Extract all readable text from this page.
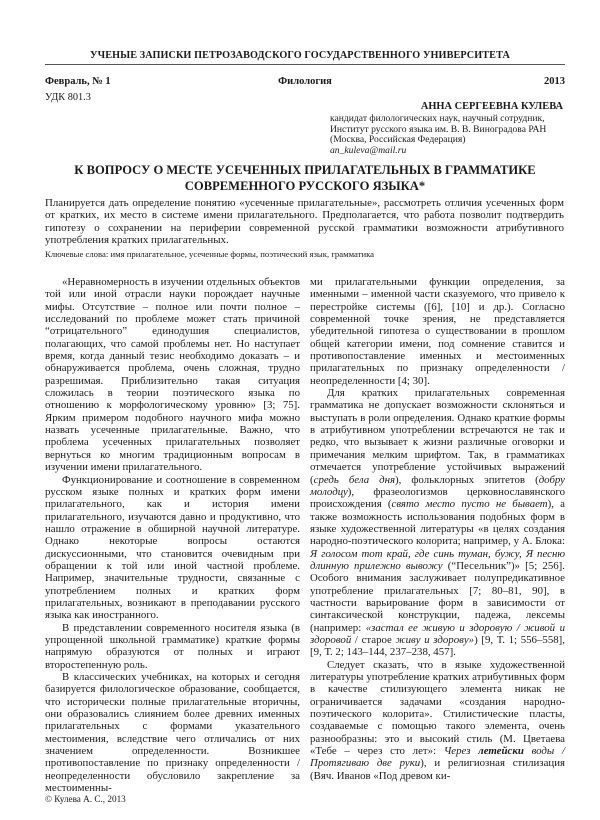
УЧЕНЫЕ ЗАПИСКИ ПЕТРОЗАВОДСКОГО ГОСУДАРСТВЕННОГО УНИВЕРСИТЕТА
Февраль, № 1	Филология	2013
УДК 801.3
АННА СЕРГЕЕВНА КУЛЕВА
кандидат филологических наук, научный сотрудник, Институт русского языка им. В. В. Виноградова РАН (Москва, Российская Федерация)
an_kuleva@mail.ru
К ВОПРОСУ О МЕСТЕ УСЕЧЕННЫХ ПРИЛАГАТЕЛЬНЫХ В ГРАММАТИКЕ СОВРЕМЕННОГО РУССКОГО ЯЗЫКА*
Планируется дать определение понятию «усеченные прилагательные», рассмотреть отличия усеченных форм от кратких, их место в системе имени прилагательного. Предполагается, что работа позволит подтвердить гипотезу о сохранении на периферии современной русской грамматики возможности атрибутивного употребления кратких прилагательных.
Ключевые слова: имя прилагательное, усеченные формы, поэтический язык, грамматика

«Неравномерность в изучении отдельных объектов той или иной отрасли науки порождает научные мифы. Отсутствие – полное или почти полное – исследований по проблеме может стать причиной “отрицательного” единодушия специалистов, полагающих, что самой проблемы нет. Но наступает время, когда данный тезис необходимо доказать – и обнаруживается проблема, очень сложная, трудно разрешимая. Приблизительно такая ситуация сложилась в теории поэтического языка по отношению к морфологическому уровню» [3; 75]. Ярким примером подобного научного мифа можно назвать усеченные прилагательные. Важно, что проблема усеченных прилагательных позволяет вернуться ко многим традиционным вопросам в изучении имени прилагательного.

Функционирование и соотношение в современном русском языке полных и кратких форм имени прилагательного, как и история имени прилагательного, изучаются давно и продуктивно, что нашло отражение в обширной научной литературе. Однако некоторые вопросы остаются дискуссионными, что становится очевидным при обращении к той или иной частной проблеме. Например, значительные трудности, связанные с употреблением полных и кратких форм прилагательных, возникают в преподавании русского языка как иностранного.

В представлении современного носителя языка (в упрощенной школьной грамматике) краткие формы напрямую образуются от полных и играют второстепенную роль.

В классических учебниках, на которых и сегодня базируется филологическое образование, сообщается, что исторически полные прилагательные вторичны, они образовались слиянием более древних именных прилагательных с формами указательного местоимения, вследствие чего отличались от них значением определенности. Возникшее противопоставление по признаку определенности / неопределенности обусловило закрепление за местоименны-

ми прилагательными функции определения, за именными – именной части сказуемого, что привело к перестройке системы ([6], [10] и др.). Согласно современной точке зрения, не представляется убедительной гипотеза о существовании в прошлом общей категории имени, под сомнение ставится и противопоставление именных и местоименных прилагательных по признаку определенности / неопределенности [4; 30].

Для кратких прилагательных современная грамматика не допускает возможности склоняться и выступать в роли определения. Однако краткие формы в атрибутивном употреблении встречаются не так и редко, что вызывает к жизни различные оговорки и примечания мелким шрифтом. Так, в грамматиках отмечается употребление устойчивых выражений (средь бела дня), фольклорных эпитетов (добру молодцу), фразеологизмов церковнославянского происхождения (свято место пусто не бывает), а также возможность использования подобных форм в языке художественной литературы «в целях создания народно-поэтического колорита; например, у А. Блока: Я голосом тот край, где синь туман, бужу, Я песню длинную прилежно вывожу (“Песельник”)» [5; 256]. Особого внимания заслуживает полупредикативное употребление прилагательных [7; 80–81, 90], в частности варьирование форм в зависимости от синтаксической конструкции, падежа, лексемы (например: «застал ее живую и здоровую / живой и здоровой / старое живу и здорову») [9, Т. 1; 556–558], [9, Т. 2; 143–144, 237–238, 457].

Следует сказать, что в языке художественной литературы употребление кратких атрибутивных форм в качестве стилизующего элемента никак не ограничивается задачами «создания народно-поэтического колорита». Стилистические пласты, создаваемые с помощью такого элемента, очень разнообразны: это и высокий стиль (М. Цветаева «Тебе – через сто лет»: Через летейски воды / Протягиваю две руки), и религиозная стилизация (Вяч. Иванов «Под древом ки-

© Кулева А. С., 2013
